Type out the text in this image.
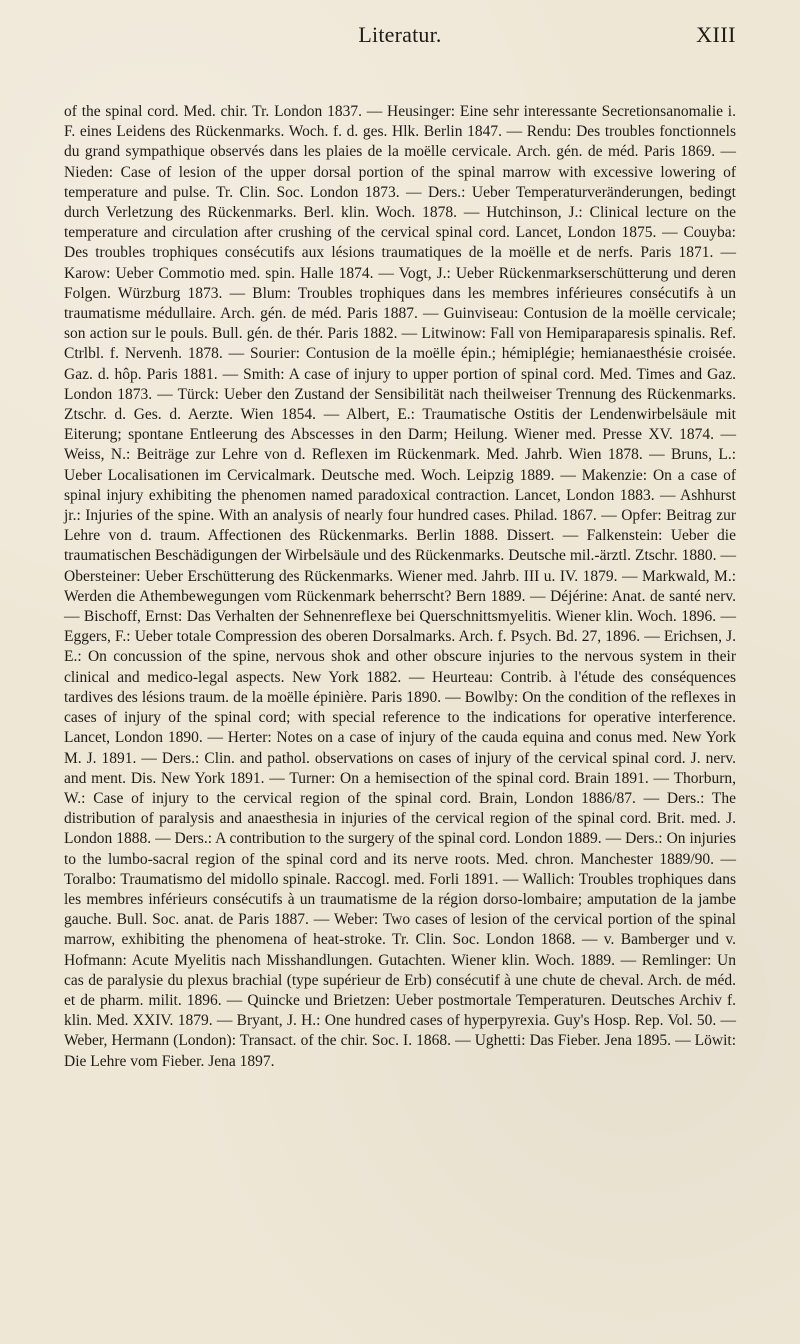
Literatur.	XIII

of the spinal cord. Med. chir. Tr. London 1837. — Heusinger: Eine sehr interessante Secretionsanomalie i. F. eines Leidens des Rückenmarks. Woch. f. d. ges. Hlk. Berlin 1847. — Rendu: Des troubles fonctionnels du grand sympathique observés dans les plaies de la moëlle cervicale. Arch. gén. de méd. Paris 1869. — Nieden: Case of lesion of the upper dorsal portion of the spinal marrow with excessive lowering of temperature and pulse. Tr. Clin. Soc. London 1873. — Ders.: Ueber Temperaturveränderungen, bedingt durch Verletzung des Rückenmarks. Berl. klin. Woch. 1878. — Hutchinson, J.: Clinical lecture on the temperature and circulation after crushing of the cervical spinal cord. Lancet, London 1875. — Couyba: Des troubles trophiques consécutifs aux lésions traumatiques de la moëlle et de nerfs. Paris 1871. — Karow: Ueber Commotio med. spin. Halle 1874. — Vogt, J.: Ueber Rückenmarkserschütterung und deren Folgen. Würzburg 1873. — Blum: Troubles trophiques dans les membres inférieures consécutifs à un traumatisme médullaire. Arch. gén. de méd. Paris 1887. — Guinviseau: Contusion de la moëlle cervicale; son action sur le pouls. Bull. gén. de thér. Paris 1882. — Litwinow: Fall von Hemiparaparesis spinalis. Ref. Ctrlbl. f. Nervenh. 1878. — Sourier: Contusion de la moëlle épin.; hémiplégie; hemianaesthésie croisée. Gaz. d. hôp. Paris 1881. — Smith: A case of injury to upper portion of spinal cord. Med. Times and Gaz. London 1873. — Türck: Ueber den Zustand der Sensibilität nach theilweiser Trennung des Rückenmarks. Ztschr. d. Ges. d. Aerzte. Wien 1854. — Albert, E.: Traumatische Ostitis der Lendenwirbelsäule mit Eiterung; spontane Entleerung des Abscesses in den Darm; Heilung. Wiener med. Presse XV. 1874. — Weiss, N.: Beiträge zur Lehre von d. Reflexen im Rückenmark. Med. Jahrb. Wien 1878. — Bruns, L.: Ueber Localisationen im Cervicalmark. Deutsche med. Woch. Leipzig 1889. — Makenzie: On a case of spinal injury exhibiting the phenomen named paradoxical contraction. Lancet, London 1883. — Ashhurst jr.: Injuries of the spine. With an analysis of nearly four hundred cases. Philad. 1867. — Opfer: Beitrag zur Lehre von d. traum. Affectionen des Rückenmarks. Berlin 1888. Dissert. — Falkenstein: Ueber die traumatischen Beschädigungen der Wirbelsäule und des Rückenmarks. Deutsche mil.-ärztl. Ztschr. 1880. — Obersteiner: Ueber Erschütterung des Rückenmarks. Wiener med. Jahrb. III u. IV. 1879. — Markwald, M.: Werden die Athembewegungen vom Rückenmark beherrscht? Bern 1889. — Déjérine: Anat. de santé nerv. — Bischoff, Ernst: Das Verhalten der Sehnenreflexe bei Querschnittsmyelitis. Wiener klin. Woch. 1896. — Eggers, F.: Ueber totale Compression des oberen Dorsalmarks. Arch. f. Psych. Bd. 27, 1896. — Erichsen, J. E.: On concussion of the spine, nervous shok and other obscure injuries to the nervous system in their clinical and medico-legal aspects. New York 1882. — Heurteau: Contrib. à l'étude des conséquences tardives des lésions traum. de la moëlle épinière. Paris 1890. — Bowlby: On the condition of the reflexes in cases of injury of the spinal cord; with special reference to the indications for operative interference. Lancet, London 1890. — Herter: Notes on a case of injury of the cauda equina and conus med. New York M. J. 1891. — Ders.: Clin. and pathol. observations on cases of injury of the cervical spinal cord. J. nerv. and ment. Dis. New York 1891. — Turner: On a hemisection of the spinal cord. Brain 1891. — Thorburn, W.: Case of injury to the cervical region of the spinal cord. Brain, London 1886/87. — Ders.: The distribution of paralysis and anaesthesia in injuries of the cervical region of the spinal cord. Brit. med. J. London 1888. — Ders.: A contribution to the surgery of the spinal cord. London 1889. — Ders.: On injuries to the lumbo-sacral region of the spinal cord and its nerve roots. Med. chron. Manchester 1889/90. — Toralbo: Traumatismo del midollo spinale. Raccogl. med. Forli 1891. — Wallich: Troubles trophiques dans les membres inférieurs consécutifs à un traumatisme de la région dorso-lombaire; amputation de la jambe gauche. Bull. Soc. anat. de Paris 1887. — Weber: Two cases of lesion of the cervical portion of the spinal marrow, exhibiting the phenomena of heat-stroke. Tr. Clin. Soc. London 1868. — v. Bamberger und v. Hofmann: Acute Myelitis nach Misshandlungen. Gutachten. Wiener klin. Woch. 1889. — Remlinger: Un cas de paralysie du plexus brachial (type supérieur de Erb) consécutif à une chute de cheval. Arch. de méd. et de pharm. milit. 1896. — Quincke und Brietzen: Ueber postmortale Temperaturen. Deutsches Archiv f. klin. Med. XXIV. 1879. — Bryant, J. H.: One hundred cases of hyperpyrexia. Guy's Hosp. Rep. Vol. 50. — Weber, Hermann (London): Transact. of the chir. Soc. I. 1868. — Ughetti: Das Fieber. Jena 1895. — Löwit: Die Lehre vom Fieber. Jena 1897.
